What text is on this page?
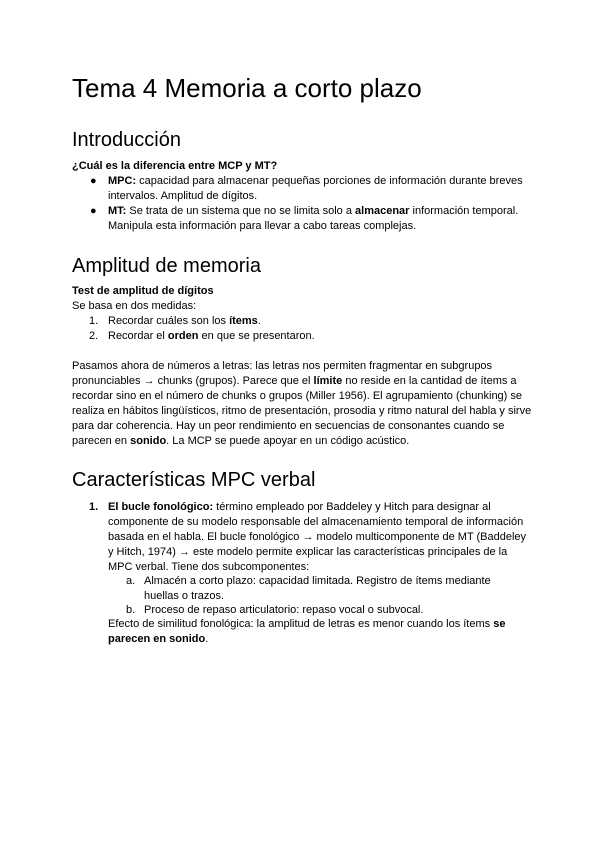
Tema 4 Memoria a corto plazo
Introducción
¿Cuál es la diferencia entre MCP y MT?
● MPC: capacidad para almacenar pequeñas porciones de información durante breves intervalos. Amplitud de dígitos.
● MT: Se trata de un sistema que no se limita solo a almacenar información temporal. Manipula esta información para llevar a cabo tareas complejas.
Amplitud de memoria
Test de amplitud de dígitos
Se basa en dos medidas:
1. Recordar cuáles son los ítems.
2. Recordar el orden en que se presentaron.
Pasamos ahora de números a letras: las letras nos permiten fragmentar en subgrupos pronunciables → chunks (grupos). Parece que el límite no reside en la cantidad de ítems a recordar sino en el número de chunks o grupos (Miller 1956). El agrupamiento (chunking) se realiza en hábitos lingüísticos, ritmo de presentación, prosodia y ritmo natural del habla y sirve para dar coherencia. Hay un peor rendimiento en secuencias de consonantes cuando se parecen en sonido. La MCP se puede apoyar en un código acústico.
Características MPC verbal
1. El bucle fonológico: término empleado por Baddeley y Hitch para designar al componente de su modelo responsable del almacenamiento temporal de información basada en el habla. El bucle fonológico → modelo multicomponente de MT (Baddeley y Hitch, 1974) → este modelo permite explicar las características principales de la MPC verbal. Tiene dos subcomponentes:
a. Almacén a corto plazo: capacidad limitada. Registro de ítems mediante huellas o trazos.
b. Proceso de repaso articulatorio: repaso vocal o subvocal.
Efecto de similitud fonológica: la amplitud de letras es menor cuando los ítems se parecen en sonido.
